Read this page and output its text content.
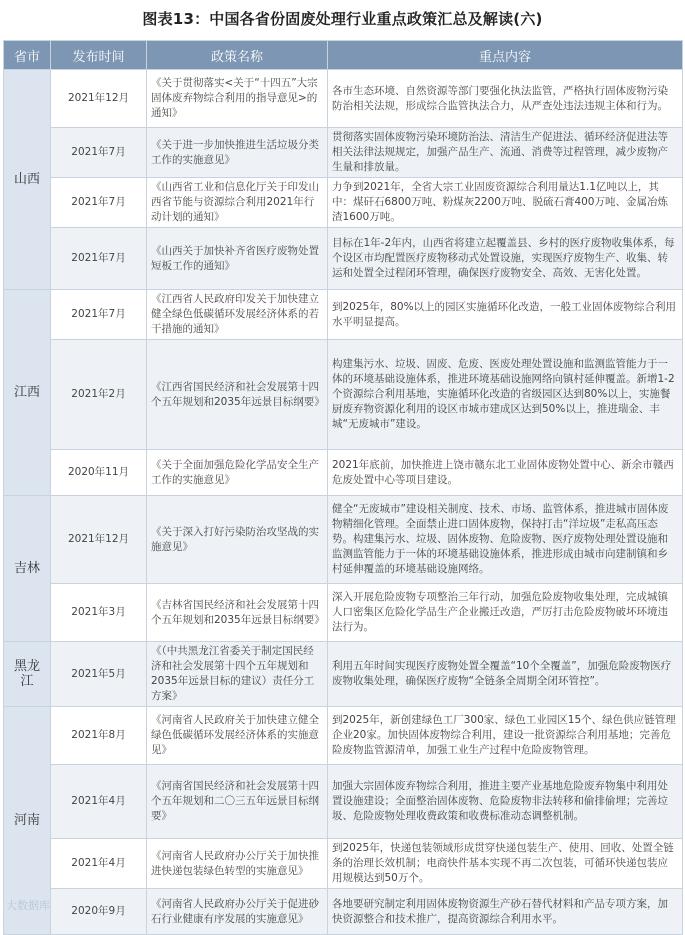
图表13：中国各省份固废处理行业重点政策汇总及解读(六)
省市	发布时间	政策名称	重点内容
山西	2021年12月	《关于贯彻落实<关于“十四五”大宗固体废弃物综合利用的指导意见>的通知》	各市生态环境、自然资源等部门要强化执法监管，严格执行固体废物污染防治相关法规，形成综合监管执法合力，从严查处违法违规主体和行为。
	2021年7月	《关于进一步加快推进生活垃圾分类工作的实施意见》	贯彻落实固体废物污染环境防治法、清洁生产促进法、循环经济促进法等相关法律法规规定，加强产品生产、流通、消费等过程管理，减少废物产生量和排放量。
	2021年7月	《山西省工业和信息化厅关于印发山西省节能与资源综合利用2021年行动计划的通知》	力争到2021年，全省大宗工业固废资源综合利用量达1.1亿吨以上，其中：煤矸石6800万吨、粉煤灰2200万吨、脱硫石膏400万吨、金属冶炼渣1600万吨。
	2021年7月	《山西关于加快补齐省医疗废物处置短板工作的通知》	目标在1年-2年内，山西省将建立起覆盖县、乡村的医疗废物收集体系，每个设区市均配置医疗废物移动式处置设施，实现医疗废物生产、收集、转运和处置全过程闭环管理，确保医疗废物安全、高效、无害化处置。
江西	2021年7月	《江西省人民政府印发关于加快建立健全绿色低碳循环发展经济体系的若干措施的通知》	到2025年，80%以上的园区实施循环化改造，一般工业固体废物综合利用水平明显提高。
	2021年2月	《江西省国民经济和社会发展第十四个五年规划和2035年远景目标纲要》	构建集污水、垃圾、固废、危废、医废处理处置设施和监测监管能力于一体的环境基础设施体系，推进环境基础设施网络向镇村延伸覆盖。新增1-2个资源综合利用基地，实施循环化改造的省级园区达到80%以上，实施餐厨废弃物资源化利用的设区市城市建成区达到50%以上，推进瑞金、丰城“无废城市”建设。
	2020年11月	《关于全面加强危险化学品安全生产工作的实施意见》	2021年底前，加快推进上饶市赣东北工业固体废物处置中心、新余市赣西危废处置中心等项目建设。
吉林	2021年12月	《关于深入打好污染防治攻坚战的实施意见》	健全“无废城市”建设相关制度、技术、市场、监管体系，推进城市固体废物精细化管理。全面禁止进口固体废物，保持打击“洋垃圾”走私高压态势。构建集污水、垃圾、固体废物、危险废物、医疗废物处理处置设施和监测监管能力于一体的环境基础设施体系，推进形成由城市向建制镇和乡村延伸覆盖的环境基础设施网络。
	2021年3月	《吉林省国民经济和社会发展第十四个五年规划和2035年远景目标纲要》	深入开展危险废物专项整治三年行动，加强危险废物收集处理，完成城镇人口密集区危险化学品生产企业搬迁改造，严厉打击危险废物破坏环境违法行为。
黑龙江	2021年5月	《（中共黑龙江省委关于制定国民经济和社会发展第十四个五年规划和2035年远景目标的建议）责任分工方案》	利用五年时间实现医疗废物处置全覆盖“10个全覆盖”，加强危险废物医疗废物收集处理，确保医疗废物“全链条全周期全闭环管控”。
河南	2021年8月	《河南省人民政府关于加快建立健全绿色低碳循环发展经济体系的实施意见》	到2025年，新创建绿色工厂300家、绿色工业园区15个、绿色供应链管理企业20家。加快固体废物综合利用，建设一批资源综合利用基地；完善危险废物监管源清单，加强工业生产过程中危险废物管理。
	2021年4月	《河南省国民经济和社会发展第十四个五年规划和二〇三五年远景目标纲要》	加强大宗固体废弃物综合利用，推进主要产业基地危险废弃物集中利用处置设施建设；全面整治固体废物、危险废物非法转移和偷排偷埋；完善垃圾、危险废物处理收费政策和收费标准动态调整机制。
	2021年4月	《河南省人民政府办公厅关于加快推进快递包装绿色转型的实施意见》	到2025年，快递包装领域形成贯穿快递包装生产、使用、回收、处置全链条的治理长效机制；电商快件基本实现不再二次包装，可循环快递包装应用规模达到50万个。
	2020年9月	《河南省人民政府办公厅关于促进砂石行业健康有序发展的实施意见》	各地要研究制定利用固体废物资源生产砂石替代材料和产品专项方案，加快资源整合和技术推广，提高资源综合利用水平。
大数据库
